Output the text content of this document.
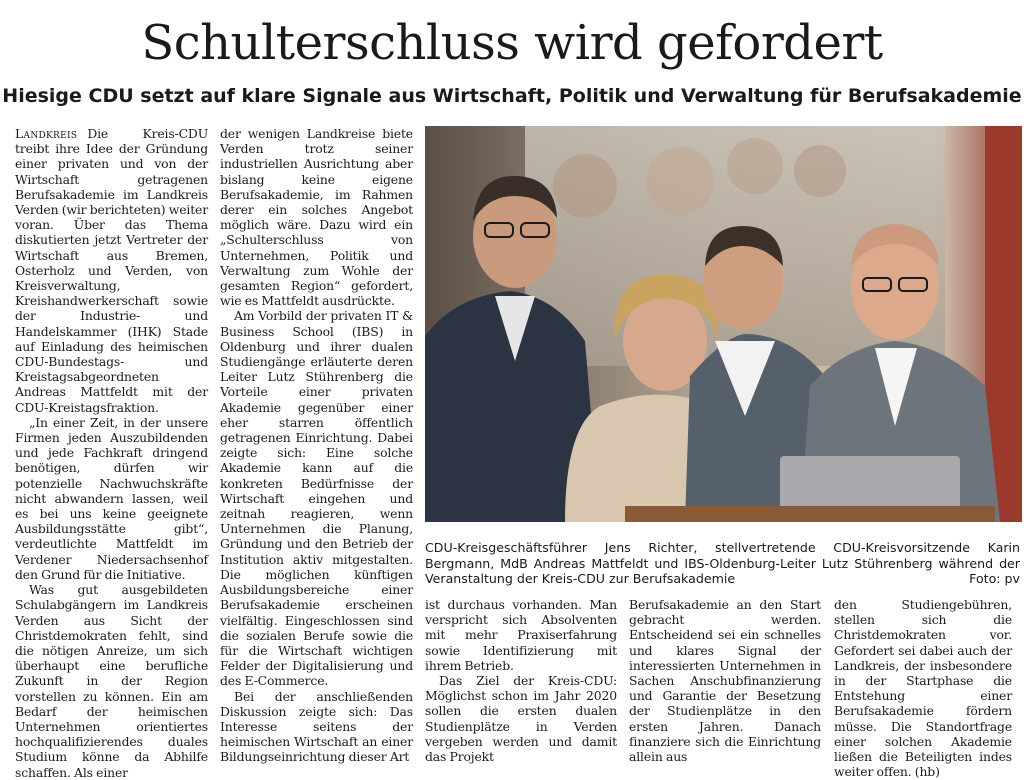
Schulterschluss wird gefordert
Hiesige CDU setzt auf klare Signale aus Wirtschaft, Politik und Verwaltung für Berufsakademie

Landkreis Die Kreis-CDU treibt ihre Idee der Gründung einer privaten und von der Wirtschaft getragenen Berufsakademie im Landkreis Verden (wir berichteten) weiter voran. Über das Thema diskutierten jetzt Vertreter der Wirtschaft aus Bremen, Osterholz und Verden, von Kreisverwaltung, Kreishandwerkerschaft sowie der Industrie- und Handelskammer (IHK) Stade auf Einladung des heimischen CDU-Bundestags- und Kreistagsabgeordneten Andreas Mattfeldt mit der CDU-Kreistagsfraktion.

„In einer Zeit, in der unsere Firmen jeden Auszubildenden und jede Fachkraft dringend benötigen, dürfen wir potenzielle Nachwuchskräfte nicht abwandern lassen, weil es bei uns keine geeignete Ausbildungsstätte gibt“, verdeutlichte Mattfeldt im Verdener Niedersachsenhof den Grund für die Initiative.

Was gut ausgebildeten Schulabgängern im Landkreis Verden aus Sicht der Christdemokraten fehlt, sind die nötigen Anreize, um sich überhaupt eine berufliche Zukunft in der Region vorstellen zu können. Ein am Bedarf der heimischen Unternehmen orientiertes hochqualifizierendes duales Studium könne da Abhilfe schaffen. Als einer

der wenigen Landkreise biete Verden trotz seiner industriellen Ausrichtung aber bislang keine eigene Berufsakademie, im Rahmen derer ein solches Angebot möglich wäre. Dazu wird ein „Schulterschluss von Unternehmen, Politik und Verwaltung zum Wohle der gesamten Region“ gefordert, wie es Mattfeldt ausdrückte.

Am Vorbild der privaten IT & Business School (IBS) in Oldenburg und ihrer dualen Studiengänge erläuterte deren Leiter Lutz Stührenberg die Vorteile einer privaten Akademie gegenüber einer eher starren öffentlich getragenen Einrichtung. Dabei zeigte sich: Eine solche Akademie kann auf die konkreten Bedürfnisse der Wirtschaft eingehen und zeitnah reagieren, wenn Unternehmen die Planung, Gründung und den Betrieb der Institution aktiv mitgestalten. Die möglichen künftigen Ausbildungsbereiche einer Berufsakademie erscheinen vielfältig. Eingeschlossen sind die sozialen Berufe sowie die für die Wirtschaft wichtigen Felder der Digitalisierung und des E-Commerce.

Bei der anschließenden Diskussion zeigte sich: Das Interesse seitens der heimischen Wirtschaft an einer Bildungseinrichtung dieser Art

CDU-Kreisgeschäftsführer Jens Richter, stellvertretende CDU-Kreisvorsitzende Karin Bergmann, MdB Andreas Mattfeldt und IBS-Oldenburg-Leiter Lutz Stührenberg während der Veranstaltung der Kreis-CDU zur Berufsakademie	Foto: pv

ist durchaus vorhanden. Man verspricht sich Absolventen mit mehr Praxiserfahrung sowie Identifizierung mit ihrem Betrieb.

Das Ziel der Kreis-CDU: Möglichst schon im Jahr 2020 sollen die ersten dualen Studienplätze in Verden vergeben werden und damit das Projekt

Berufsakademie an den Start gebracht werden. Entscheidend sei ein schnelles und klares Signal der interessierten Unternehmen in Sachen Anschubfinanzierung und Garantie der Besetzung der Studienplätze in den ersten Jahren. Danach finanziere sich die Einrichtung allein aus

den Studiengebühren, stellen sich die Christdemokraten vor. Gefordert sei dabei auch der Landkreis, der insbesondere in der Startphase die Entstehung einer Berufsakademie fördern müsse. Die Standortfrage einer solchen Akademie ließen die Beteiligten indes weiter offen. (hb)
